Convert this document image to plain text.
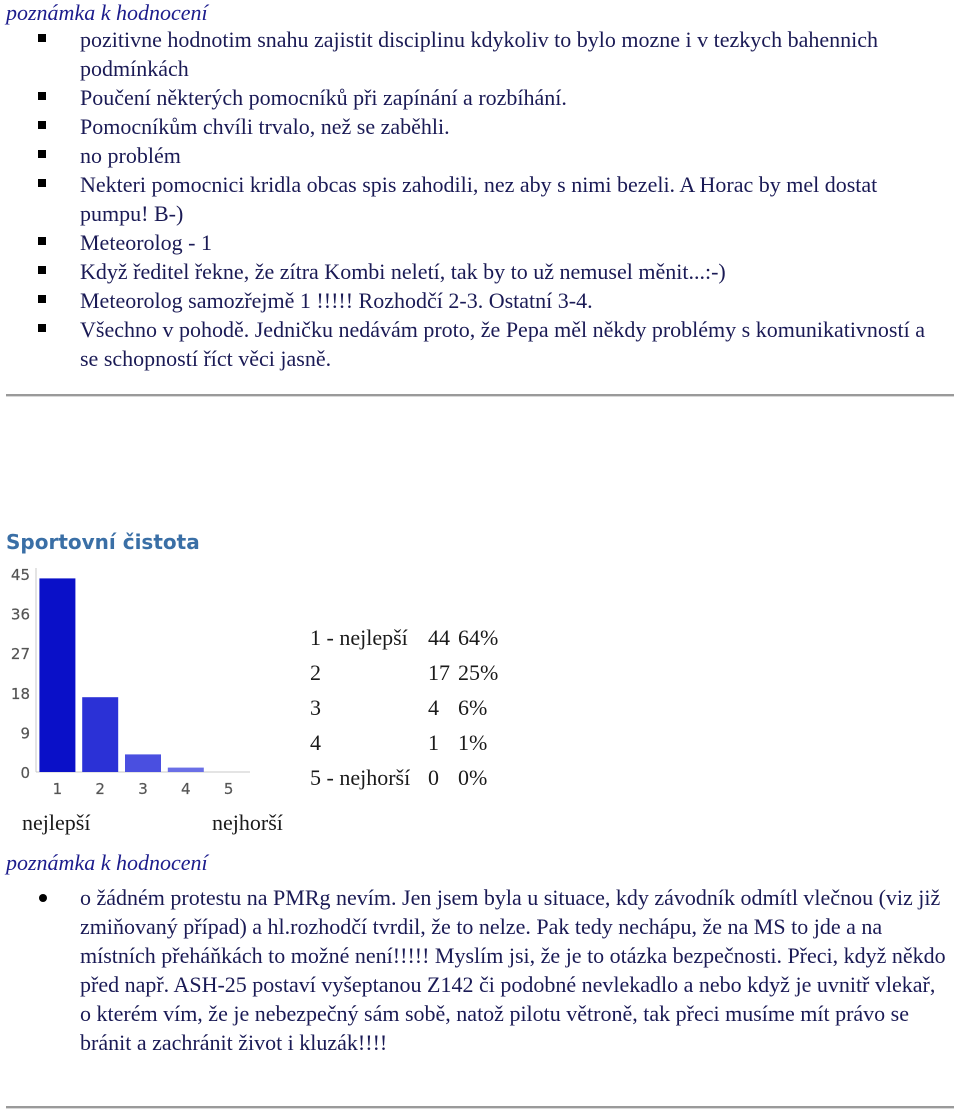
poznámka k hodnocení
pozitivne hodnotim snahu zajistit disciplinu kdykoliv to bylo mozne i v tezkych bahennich podmínkách
Poučení některých pomocníků při zapínání a rozbíhání.
Pomocníkům chvíli trvalo, než se zaběhli.
no problém
Nekteri pomocnici kridla obcas spis zahodili, nez aby s nimi bezeli. A Horac by mel dostat pumpu! B-)
Meteorolog - 1
Když ředitel řekne, že zítra Kombi neletí, tak by to už nemusel měnit...:-)
Meteorolog samozřejmě 1 !!!!! Rozhodčí 2-3. Ostatní 3-4.
Všechno v pohodě. Jedničku nedávám proto, že Pepa měl někdy problémy s komunikativností a se schopností říct věci jasně.
Sportovní čistota
0
9
18
27
36
45
1 2 3 4 5
1 - nejlepší	44	64%
2	17	25%
3	4	6%
4	1	1%
5 - nejhorší	0	0%
nejlepší	nejhorší
poznámka k hodnocení
o žádném protestu na PMRg nevím. Jen jsem byla u situace, kdy závodník odmítl vlečnou (viz již zmiňovaný případ) a hl.rozhodčí tvrdil, že to nelze. Pak tedy nechápu, že na MS to jde a na místních přeháňkách to možné není!!!!! Myslím jsi, že je to otázka bezpečnosti. Přeci, když někdo před např. ASH-25 postaví vyšeptanou Z142 či podobné nevlekadlo a nebo když je uvnitř vlekař, o kterém vím, že je nebezpečný sám sobě, natož pilotu větroně, tak přeci musíme mít právo se bránit a zachránit život i kluzák!!!!
